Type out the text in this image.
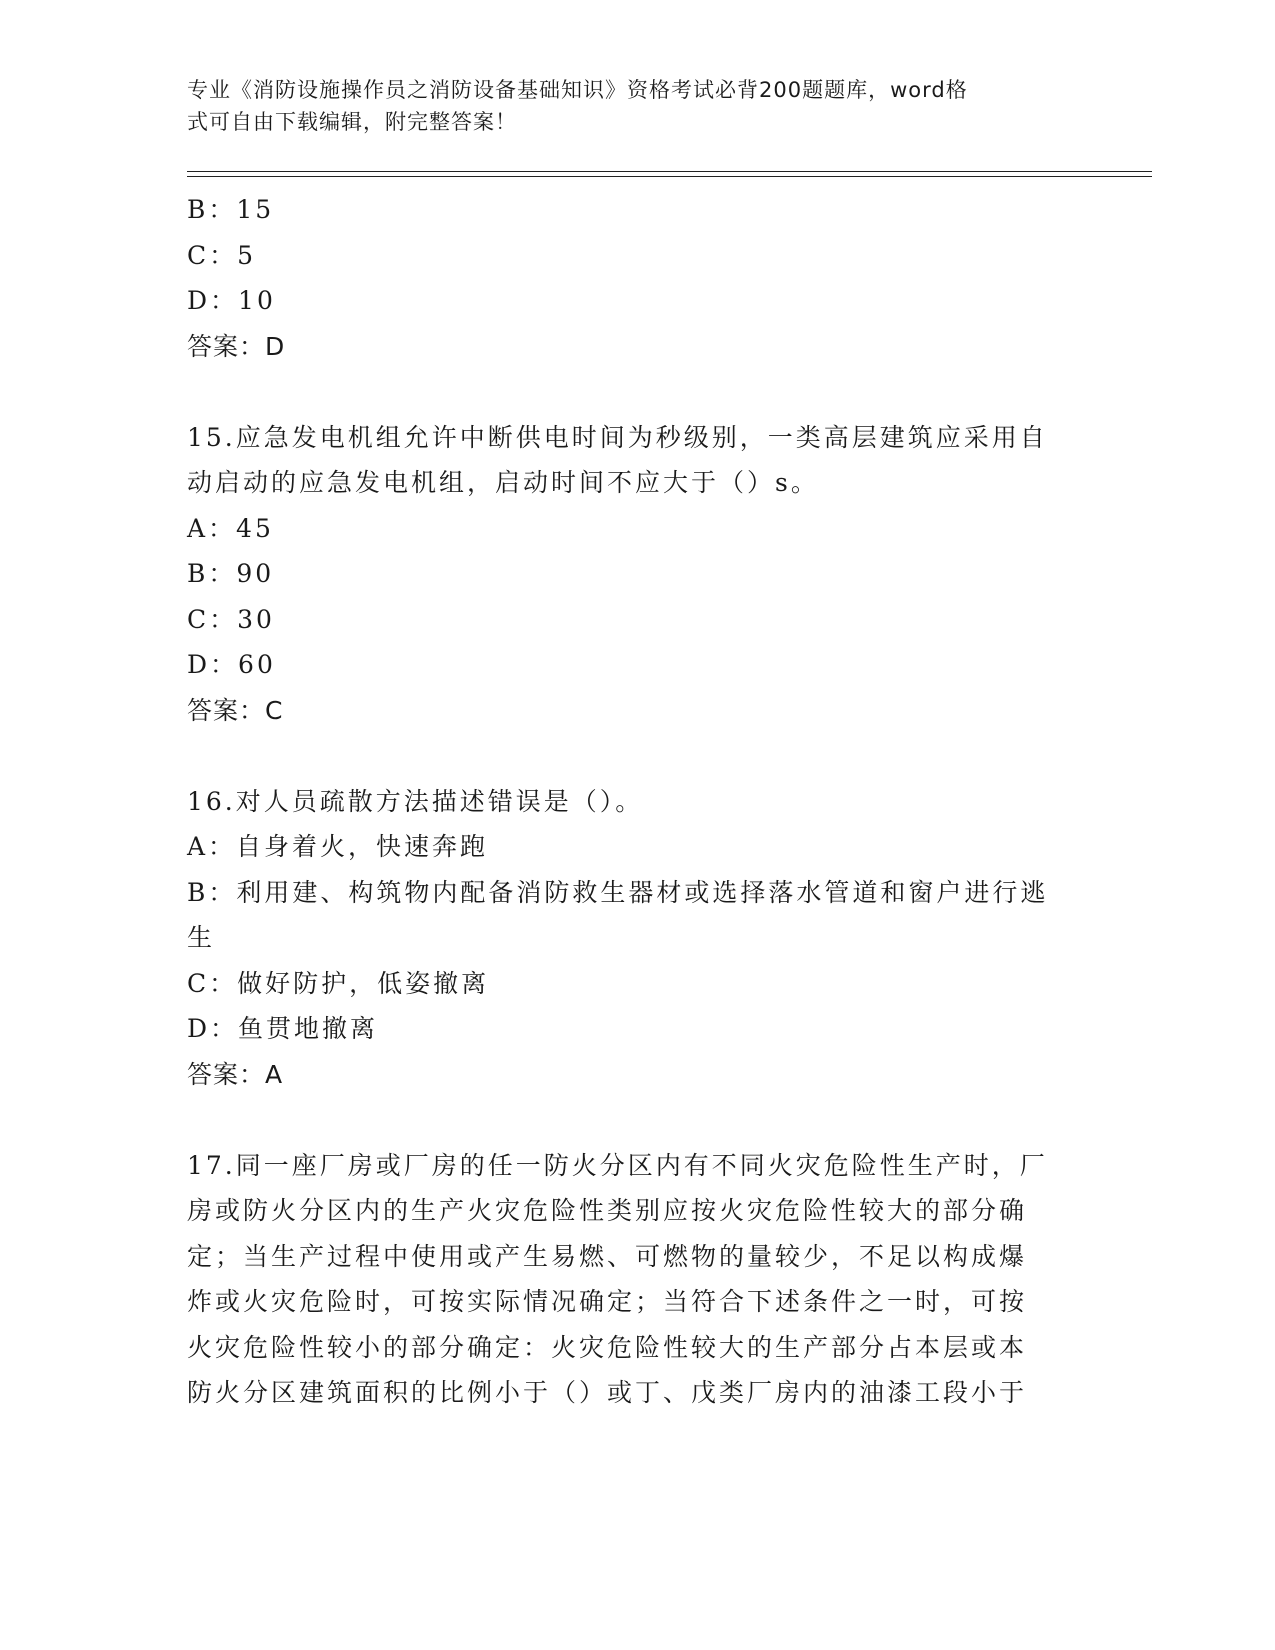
专业《消防设施操作员之消防设备基础知识》资格考试必背200题题库，word格
式可自由下载编辑，附完整答案！
B：15
C：5
D：10
答案：D
15.应急发电机组允许中断供电时间为秒级别，一类高层建筑应采用自
动启动的应急发电机组，启动时间不应大于（）s。
A：45
B：90
C：30
D：60
答案：C
16.对人员疏散方法描述错误是（）。
A：自身着火，快速奔跑
B：利用建、构筑物内配备消防救生器材或选择落水管道和窗户进行逃
生
C：做好防护，低姿撤离
D：鱼贯地撤离
答案：A
17.同一座厂房或厂房的任一防火分区内有不同火灾危险性生产时，厂
房或防火分区内的生产火灾危险性类别应按火灾危险性较大的部分确
定；当生产过程中使用或产生易燃、可燃物的量较少，不足以构成爆
炸或火灾危险时，可按实际情况确定；当符合下述条件之一时，可按
火灾危险性较小的部分确定：火灾危险性较大的生产部分占本层或本
防火分区建筑面积的比例小于（）或丁、戊类厂房内的油漆工段小于
